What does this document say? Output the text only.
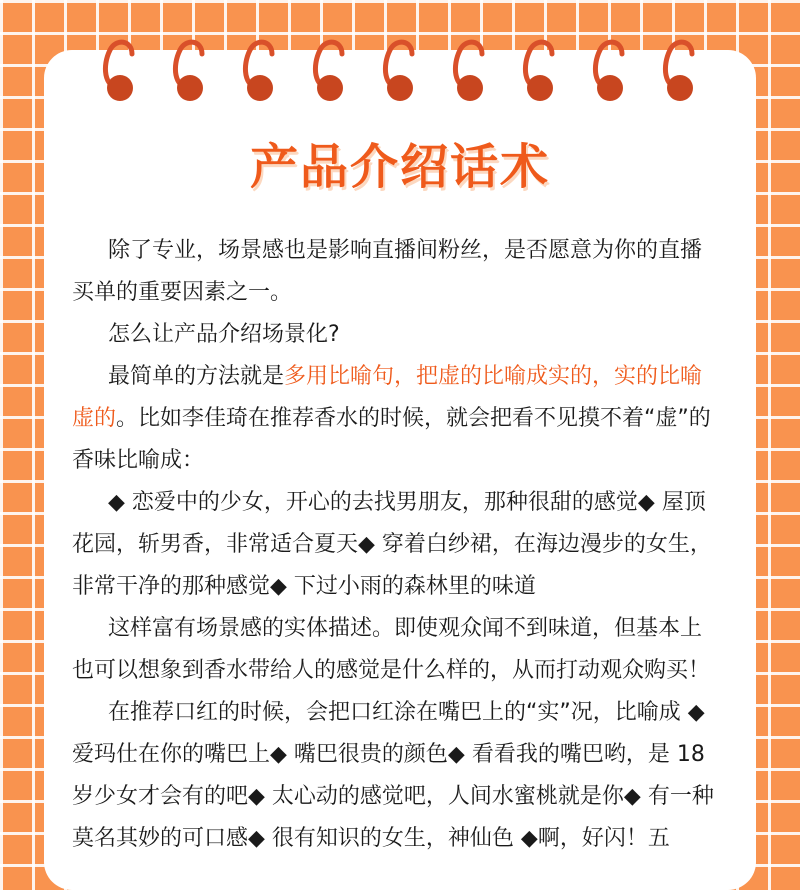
产品介绍话术

除了专业，场景感也是影响直播间粉丝，是否愿意为你的直播买单的重要因素之一。

怎么让产品介绍场景化?

最简单的方法就是多用比喻句，把虚的比喻成实的，实的比喻虚的。比如李佳琦在推荐香水的时候，就会把看不见摸不着“虚”的香味比喻成：

◆ 恋爱中的少女，开心的去找男朋友，那种很甜的感觉◆ 屋顶花园，斩男香，非常适合夏天◆ 穿着白纱裙，在海边漫步的女生，非常干净的那种感觉◆ 下过小雨的森林里的味道

这样富有场景感的实体描述。即使观众闻不到味道，但基本上也可以想象到香水带给人的感觉是什么样的，从而打动观众购买！

在推荐口红的时候，会把口红涂在嘴巴上的“实”况，比喻成 ◆ 爱玛仕在你的嘴巴上◆ 嘴巴很贵的颜色◆ 看看我的嘴巴哟，是 18 岁少女才会有的吧◆ 太心动的感觉吧，人间水蜜桃就是你◆ 有一种莫名其妙的可口感◆ 很有知识的女生，神仙色 ◆啊，好闪！五
